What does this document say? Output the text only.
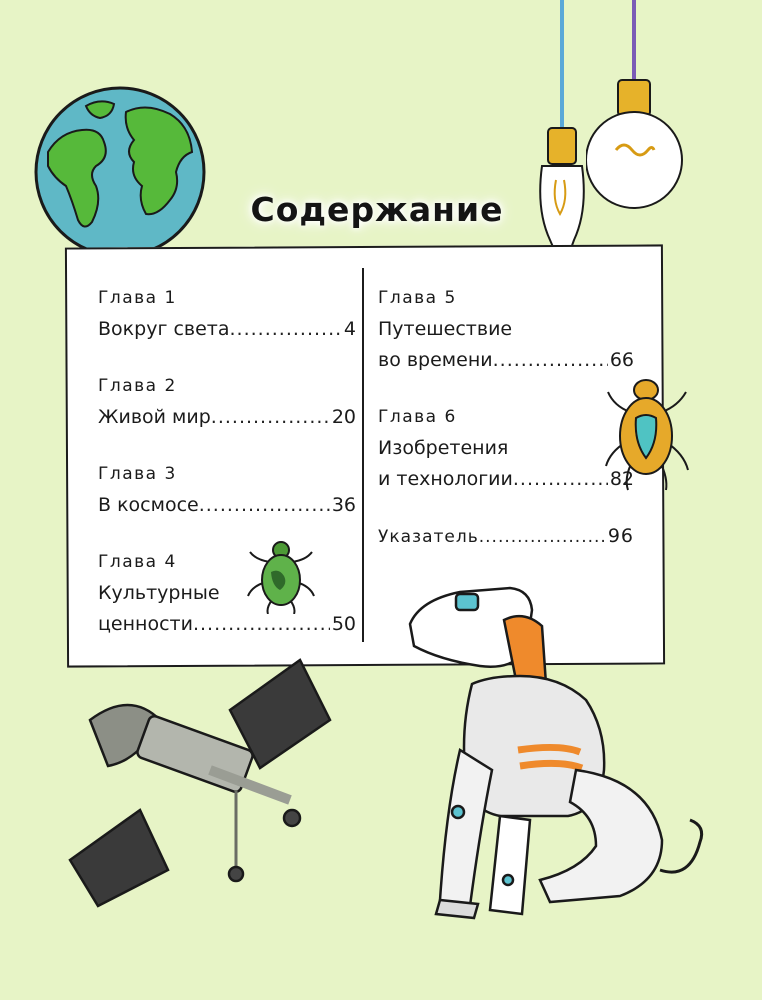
Содержание
Глава 1
Вокруг света .....	4
Глава 2
Живой мир .....	20
Глава 3
В космосе .....	36
Глава 4
Культурные
ценности .....	50
Глава 5
Путешествие
во времени .....	66
Глава 6
Изобретения
и технологии .....	82
Указатель .....	96
